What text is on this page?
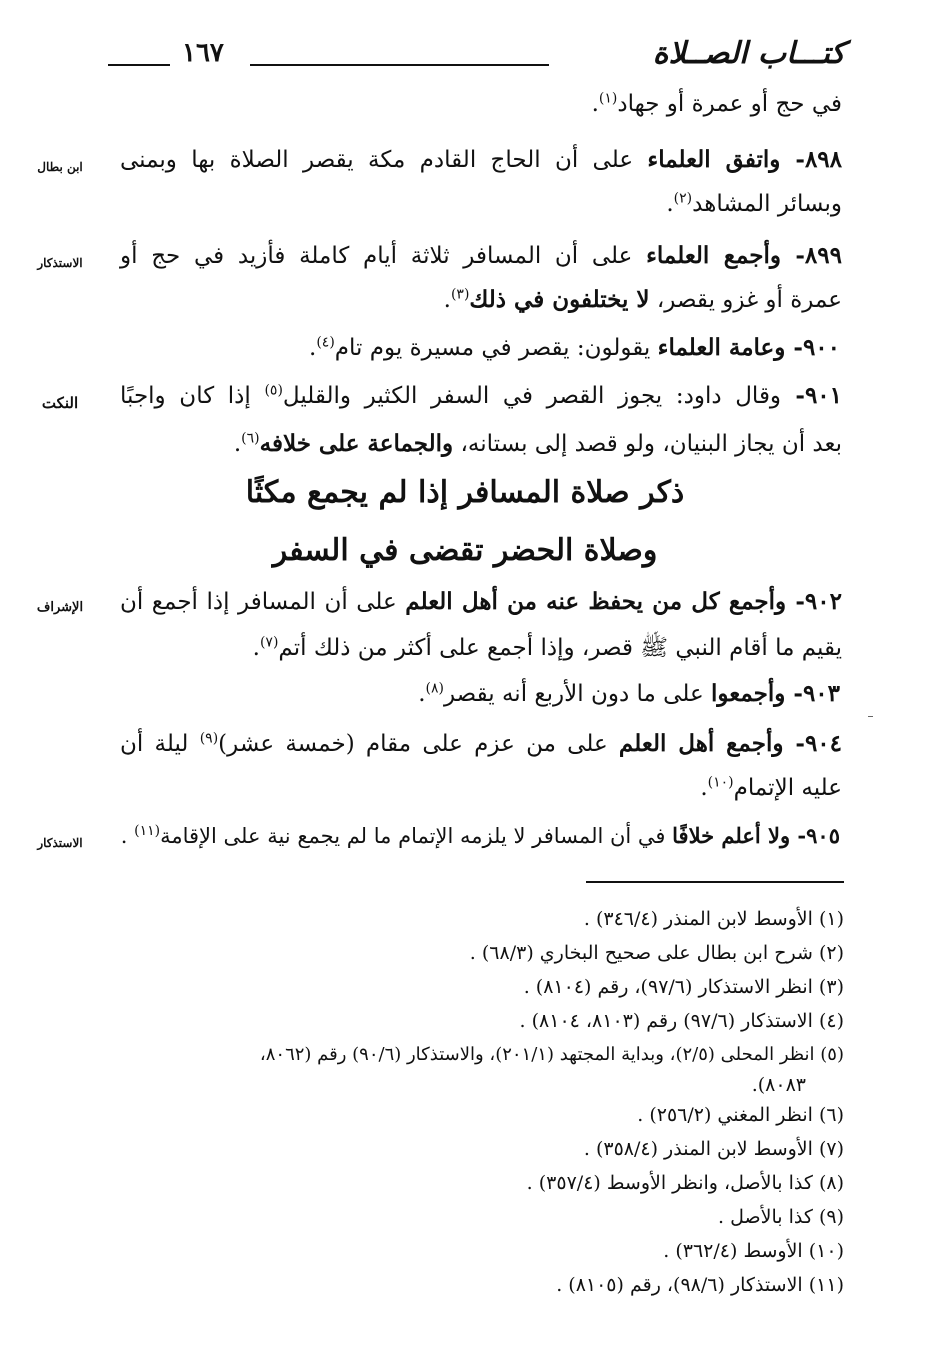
كتـــاب الصــلاة
١٦٧
في حج أو عمرة أو جهاد$^{(١)}$.
٨٩٨- واتفق العلماء على أن الحاج القادم مكة يقصر الصلاة بها وبمنى
ابن بطال
وبسائر المشاهد$^{(٢)}$.
٨٩٩- وأجمع العلماء على أن المسافر ثلاثة أيام كاملة فأزيد في حج أو
الاستذكار
عمرة أو غزو يقصر، لا يختلفون في ذلك$^{(٣)}$.
٩٠٠- وعامة العلماء يقولون: يقصر في مسيرة يوم تام$^{(٤)}$.
٩٠١- وقال داود: يجوز القصر في السفر الكثير والقليل$^{(٥)}$ إذا كان واجبًا
النكت
بعد أن يجاز البنيان، ولو قصد إلى بستانه، والجماعة على خلافه$^{(٦)}$.
ذكر صلاة المسافر إذا لم يجمع مكثًا
وصلاة الحضر تقضى في السفر
٩٠٢- وأجمع كل من يحفظ عنه من أهل العلم على أن المسافر إذا أجمع أن
الإشراف
يقيم ما أقام النبي ﷺ قصر، وإذا أجمع على أكثر من ذلك أتم$^{(٧)}$.
٩٠٣- وأجمعوا على ما دون الأربع أنه يقصر$^{(٨)}$.
٩٠٤- وأجمع أهل العلم على من عزم على مقام (خمسة عشر)$^{(٩)}$ ليلة أن
عليه الإتمام$^{(١٠)}$.
٩٠٥- ولا أعلم خلافًا في أن المسافر لا يلزمه الإتمام ما لم يجمع نية على الإقامة$^{(١١)}$ .
الاستذكار
(١) الأوسط لابن المنذر (٣٤٦/٤) .
(٢) شرح ابن بطال على صحيح البخاري (٦٨/٣) .
(٣) انظر الاستذكار (٩٧/٦)، رقم (٨١٠٤) .
(٤) الاستذكار (٩٧/٦) رقم (٨١٠٣، ٨١٠٤) .
(٥) انظر المحلى (٢/٥)، وبداية المجتهد (٢٠١/١)، والاستذكار (٩٠/٦) رقم (٨٠٦٢،
٨٠٨٣).
(٦) انظر المغني (٢٥٦/٢) .
(٧) الأوسط لابن المنذر (٣٥٨/٤) .
(٨) كذا بالأصل، وانظر الأوسط (٣٥٧/٤) .
(٩) كذا بالأصل .
(١٠) الأوسط (٣٦٢/٤) .
(١١) الاستذكار (٩٨/٦)، رقم (٨١٠٥) .
